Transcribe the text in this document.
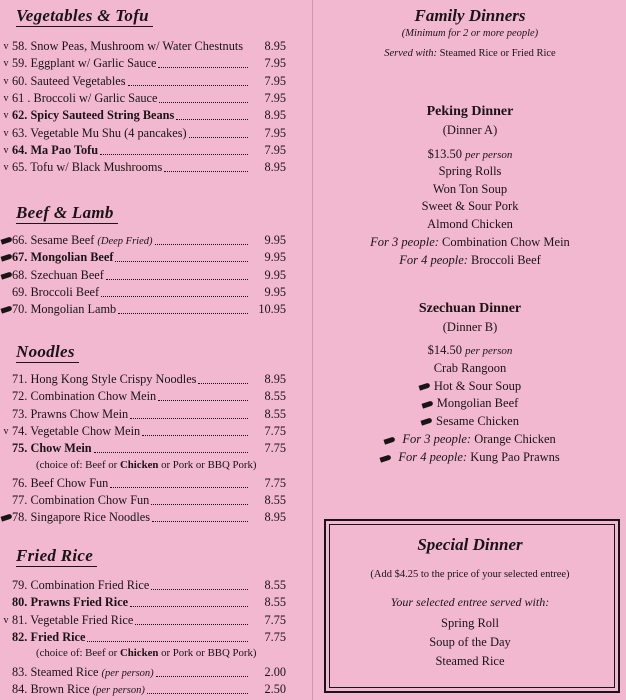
Vegetables & Tofu
v 58. Snow Peas, Mushroom w/ Water Chestnuts	8.95
v 59. Eggplant w/ Garlic Sauce	7.95
v 60. Sauteed Vegetables	7.95
v 61 . Broccoli w/ Garlic Sauce	7.95
v 62. Spicy Sauteed String Beans	8.95
v 63. Vegetable Mu Shu (4 pancakes)	7.95
v 64. Ma Pao Tofu	7.95
v 65. Tofu w/ Black Mushrooms	8.95
Beef & Lamb
66. Sesame Beef (Deep Fried)	9.95
67. Mongolian Beef	9.95
68. Szechuan Beef	9.95
69. Broccoli Beef	9.95
70. Mongolian Lamb	10.95
Noodles
71. Hong Kong Style Crispy Noodles	8.95
72. Combination Chow Mein	8.55
73. Prawns Chow Mein	8.55
v 74. Vegetable Chow Mein	7.75
75. Chow Mein	7.75
(choice of: Beef or Chicken or Pork or BBQ Pork)
76. Beef Chow Fun	7.75
77. Combination Chow Fun	8.55
78. Singapore Rice Noodles	8.95
Fried Rice
79. Combination Fried Rice	8.55
80. Prawns Fried Rice	8.55
v 81. Vegetable Fried Rice	7.75
82. Fried Rice	7.75
(choice of: Beef or Chicken or Pork or BBQ Pork)
83. Steamed Rice (per person)	2.00
84. Brown Rice (per person)	2.50
Family Dinners
(Minimum for 2 or more people)
Served with: Steamed Rice or Fried Rice
Peking Dinner
(Dinner A)
$13.50 per person
Spring Rolls
Won Ton Soup
Sweet & Sour Pork
Almond Chicken
For 3 people: Combination Chow Mein
For 4 people: Broccoli Beef
Szechuan Dinner
(Dinner B)
$14.50 per person
Crab Rangoon
Hot & Sour Soup
Mongolian Beef
Sesame Chicken
For 3 people: Orange Chicken
For 4 people: Kung Pao Prawns
Special Dinner
(Add $4.25 to the price of your selected entree)
Your selected entree served with:
Spring Roll
Soup of the Day
Steamed Rice
